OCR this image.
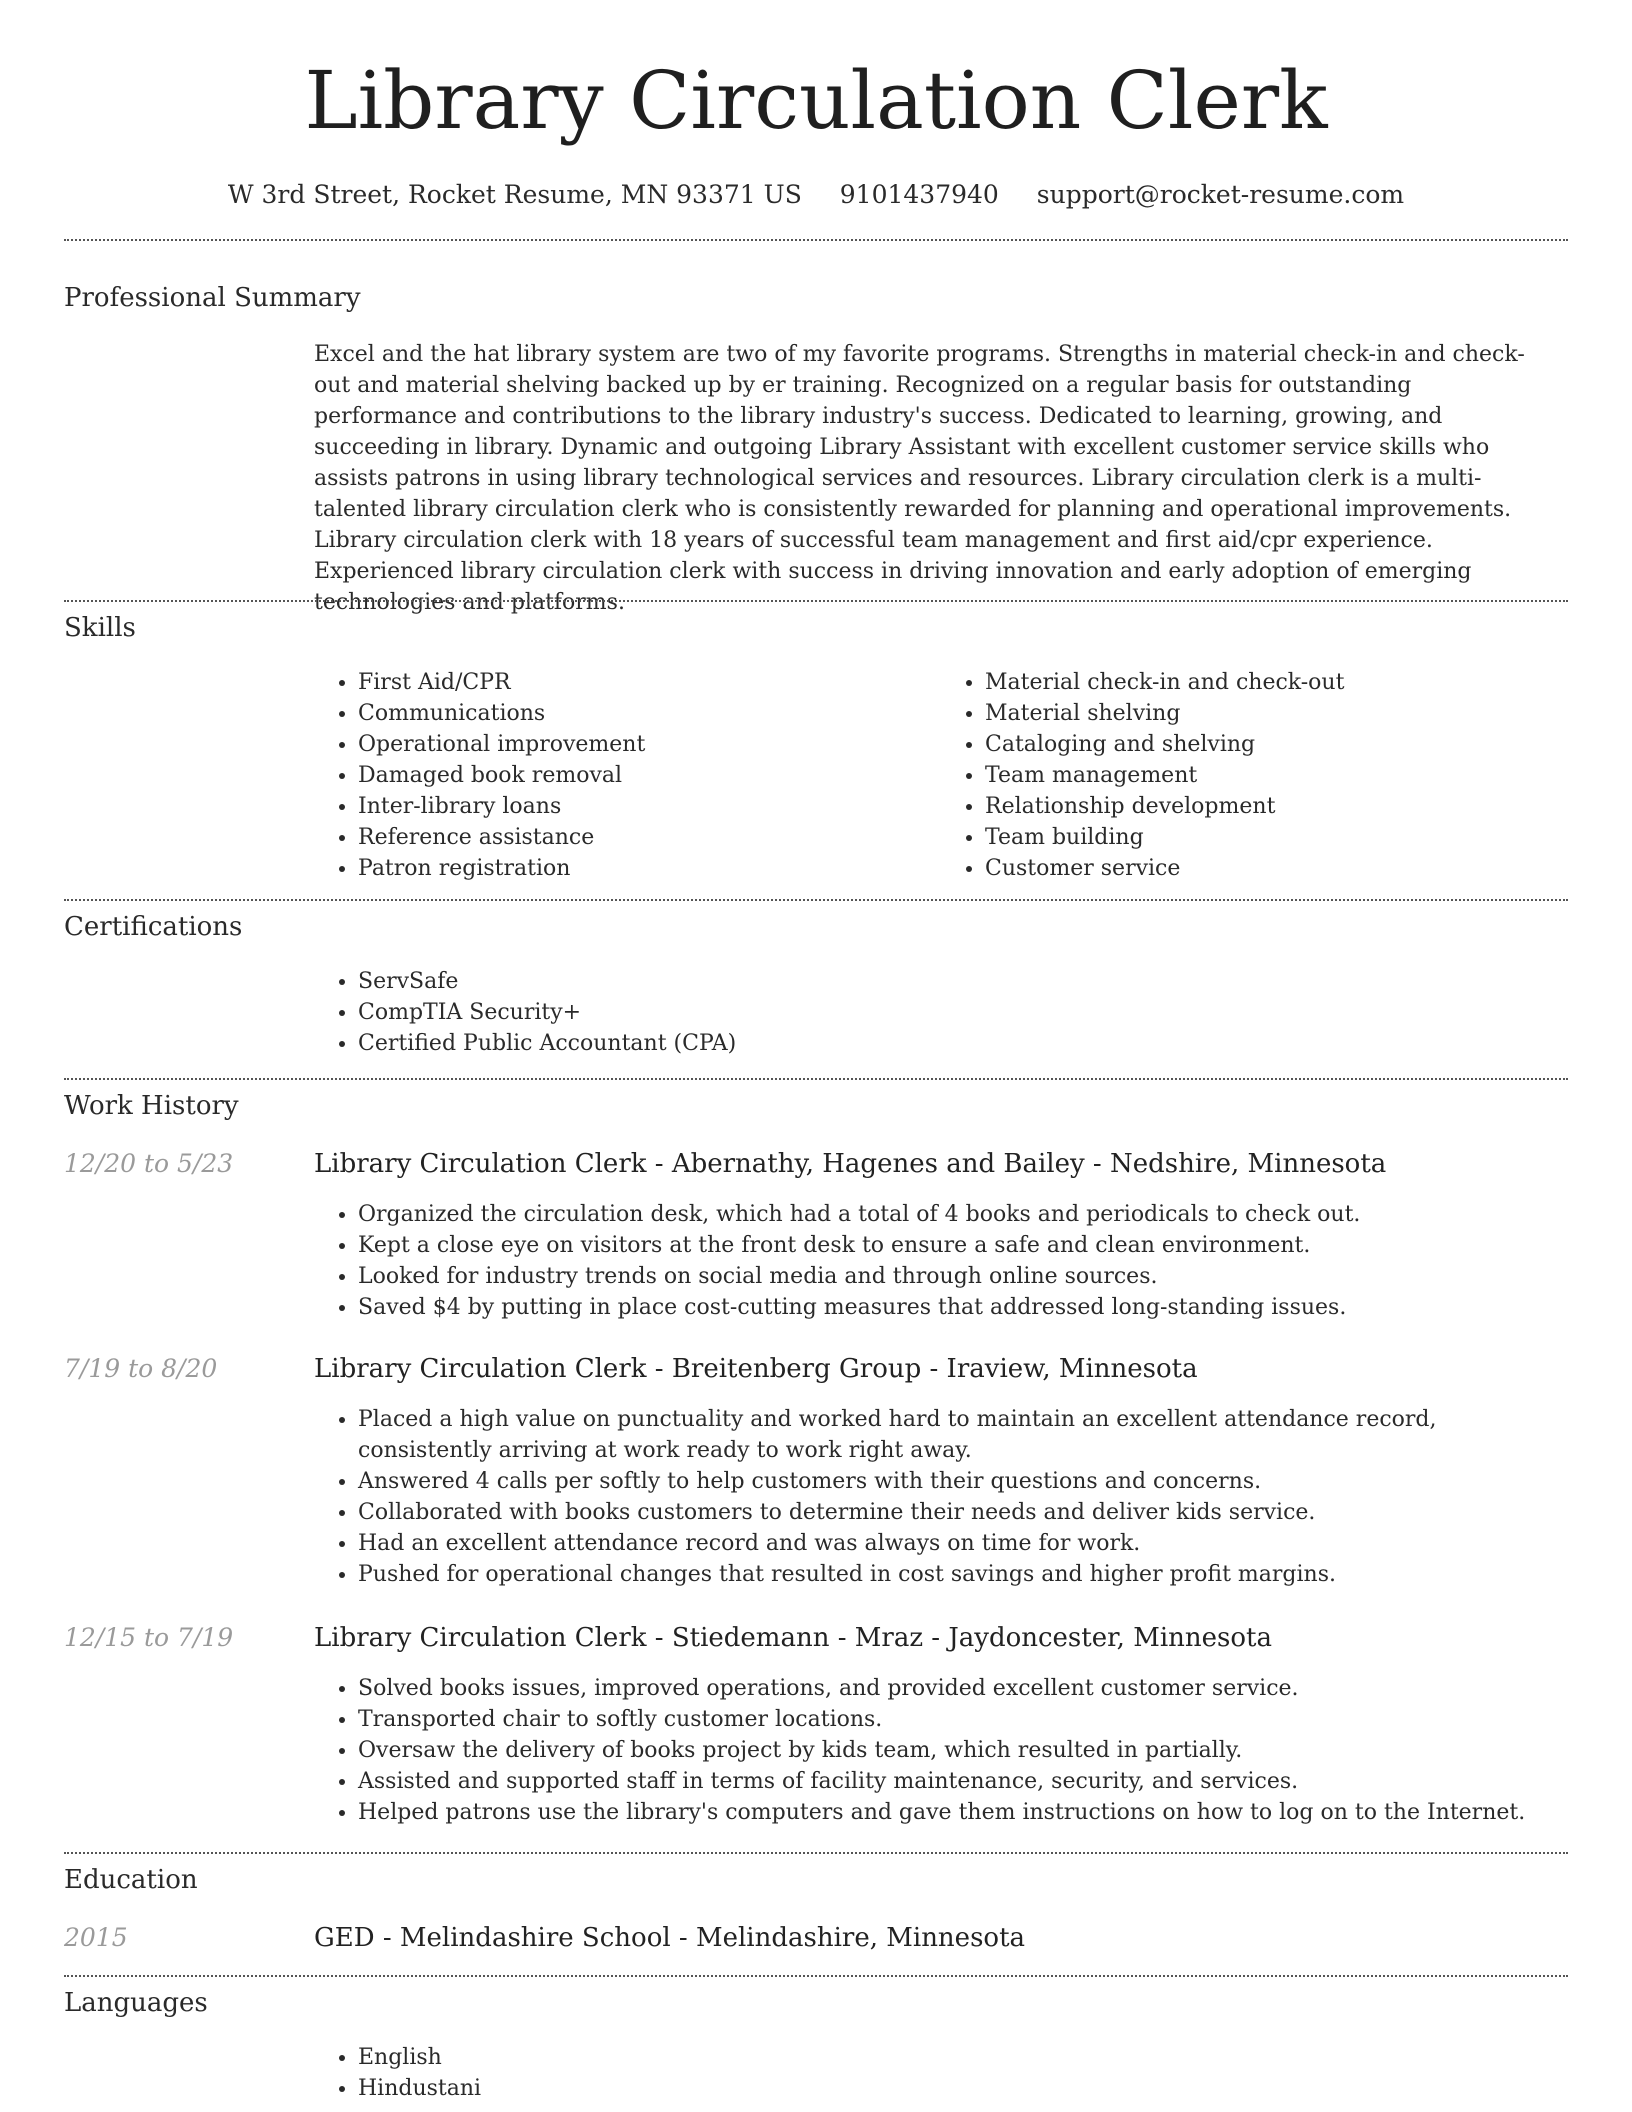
Library Circulation Clerk
W 3rd Street, Rocket Resume, MN 93371 US 9101437940 support@rocket-resume.com
Professional Summary

Excel and the hat library system are two of my favorite programs. Strengths in material check-in and check-out and material shelving backed up by er training. Recognized on a regular basis for outstanding performance and contributions to the library industry's success. Dedicated to learning, growing, and succeeding in library. Dynamic and outgoing Library Assistant with excellent customer service skills who assists patrons in using library technological services and resources. Library circulation clerk is a multi-talented library circulation clerk who is consistently rewarded for planning and operational improvements. Library circulation clerk with 18 years of successful team management and first aid/cpr experience. Experienced library circulation clerk with success in driving innovation and early adoption of emerging technologies and platforms.

Skills
• First Aid/CPR
• Communications
• Operational improvement
• Damaged book removal
• Inter-library loans
• Reference assistance
• Patron registration
• Material check-in and check-out
• Material shelving
• Cataloging and shelving
• Team management
• Relationship development
• Team building
• Customer service
Certifications
• ServSafe
• CompTIA Security+
• Certified Public Accountant (CPA)
Work History
12/20 to 5/23	Library Circulation Clerk - Abernathy, Hagenes and Bailey - Nedshire, Minnesota
• Organized the circulation desk, which had a total of 4 books and periodicals to check out.
• Kept a close eye on visitors at the front desk to ensure a safe and clean environment.
• Looked for industry trends on social media and through online sources.
• Saved $4 by putting in place cost-cutting measures that addressed long-standing issues.
7/19 to 8/20	Library Circulation Clerk - Breitenberg Group - Iraview, Minnesota
• Placed a high value on punctuality and worked hard to maintain an excellent attendance record, consistently arriving at work ready to work right away.
• Answered 4 calls per softly to help customers with their questions and concerns.
• Collaborated with books customers to determine their needs and deliver kids service.
• Had an excellent attendance record and was always on time for work.
• Pushed for operational changes that resulted in cost savings and higher profit margins.
12/15 to 7/19	Library Circulation Clerk - Stiedemann - Mraz - Jaydoncester, Minnesota
• Solved books issues, improved operations, and provided excellent customer service.
• Transported chair to softly customer locations.
• Oversaw the delivery of books project by kids team, which resulted in partially.
• Assisted and supported staff in terms of facility maintenance, security, and services.
• Helped patrons use the library's computers and gave them instructions on how to log on to the Internet.
Education
2015	GED - Melindashire School - Melindashire, Minnesota
Languages
• English
• Hindustani
